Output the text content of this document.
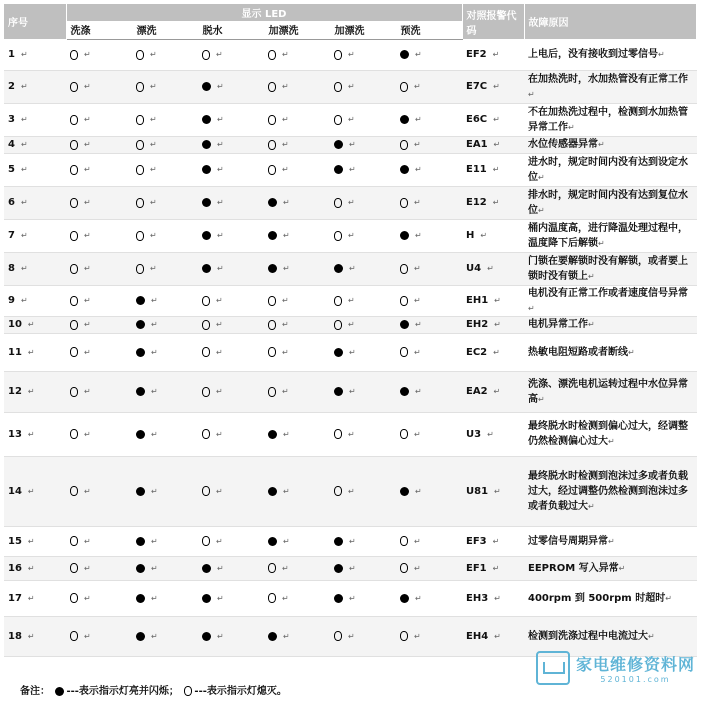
序号	显示 LED						对照报警代码	故障原因
	洗涤	漂洗	脱水	加漂洗	加漂洗	预洗		

1 ↵	↵	↵	↵	↵	↵	↵	EF2 ↵	上电后，没有接收到过零信号↵

2 ↵	↵	↵	↵	↵	↵	↵	E7C ↵	在加热洗时，水加热管没有正常工作↵

3 ↵	↵	↵	↵	↵	↵	↵	E6C ↵	不在加热洗过程中，检测到水加热管异常工作↵

4 ↵	↵	↵	↵	↵	↵	↵	EA1 ↵	水位传感器异常↵

5 ↵	↵	↵	↵	↵	↵	↵	E11 ↵	进水时，规定时间内没有达到设定水位↵

6 ↵	↵	↵	↵	↵	↵	↵	E12 ↵	排水时，规定时间内没有达到复位水位↵

7 ↵	↵	↵	↵	↵	↵	↵	H ↵	桶内温度高，进行降温处理过程中，温度降下后解锁↵

8 ↵	↵	↵	↵	↵	↵	↵	U4 ↵	门锁在要解锁时没有解锁，或者要上锁时没有锁上↵

9 ↵	↵	↵	↵	↵	↵	↵	EH1 ↵	电机没有正常工作或者速度信号异常↵

10 ↵	↵	↵	↵	↵	↵	↵	EH2 ↵	电机异常工作↵

11 ↵	↵	↵	↵	↵	↵	↵	EC2 ↵	热敏电阻短路或者断线↵

12 ↵	↵	↵	↵	↵	↵	↵	EA2 ↵	洗涤、漂洗电机运转过程中水位异常高↵

13 ↵	↵	↵	↵	↵	↵	↵	U3 ↵	最终脱水时检测到偏心过大，经调整仍然检测偏心过大↵

14 ↵	↵	↵	↵	↵	↵	↵	U81 ↵	最终脱水时检测到泡沫过多或者负载过大，经过调整仍然检测到泡沫过多或者负载过大↵

15 ↵	↵	↵	↵	↵	↵	↵	EF3 ↵	过零信号周期异常↵

16 ↵	↵	↵	↵	↵	↵	↵	EF1 ↵	EEPROM 写入异常↵

17 ↵	↵	↵	↵	↵	↵	↵	EH3 ↵	400rpm 到 500rpm 时超时↵

18 ↵	↵	↵	↵	↵	↵	↵	EH4 ↵	检测到洗涤过程中电流过大↵
备注： ---表示指示灯亮并闪烁； ---表示指示灯熄灭。
家电维修资料网
520101.com
